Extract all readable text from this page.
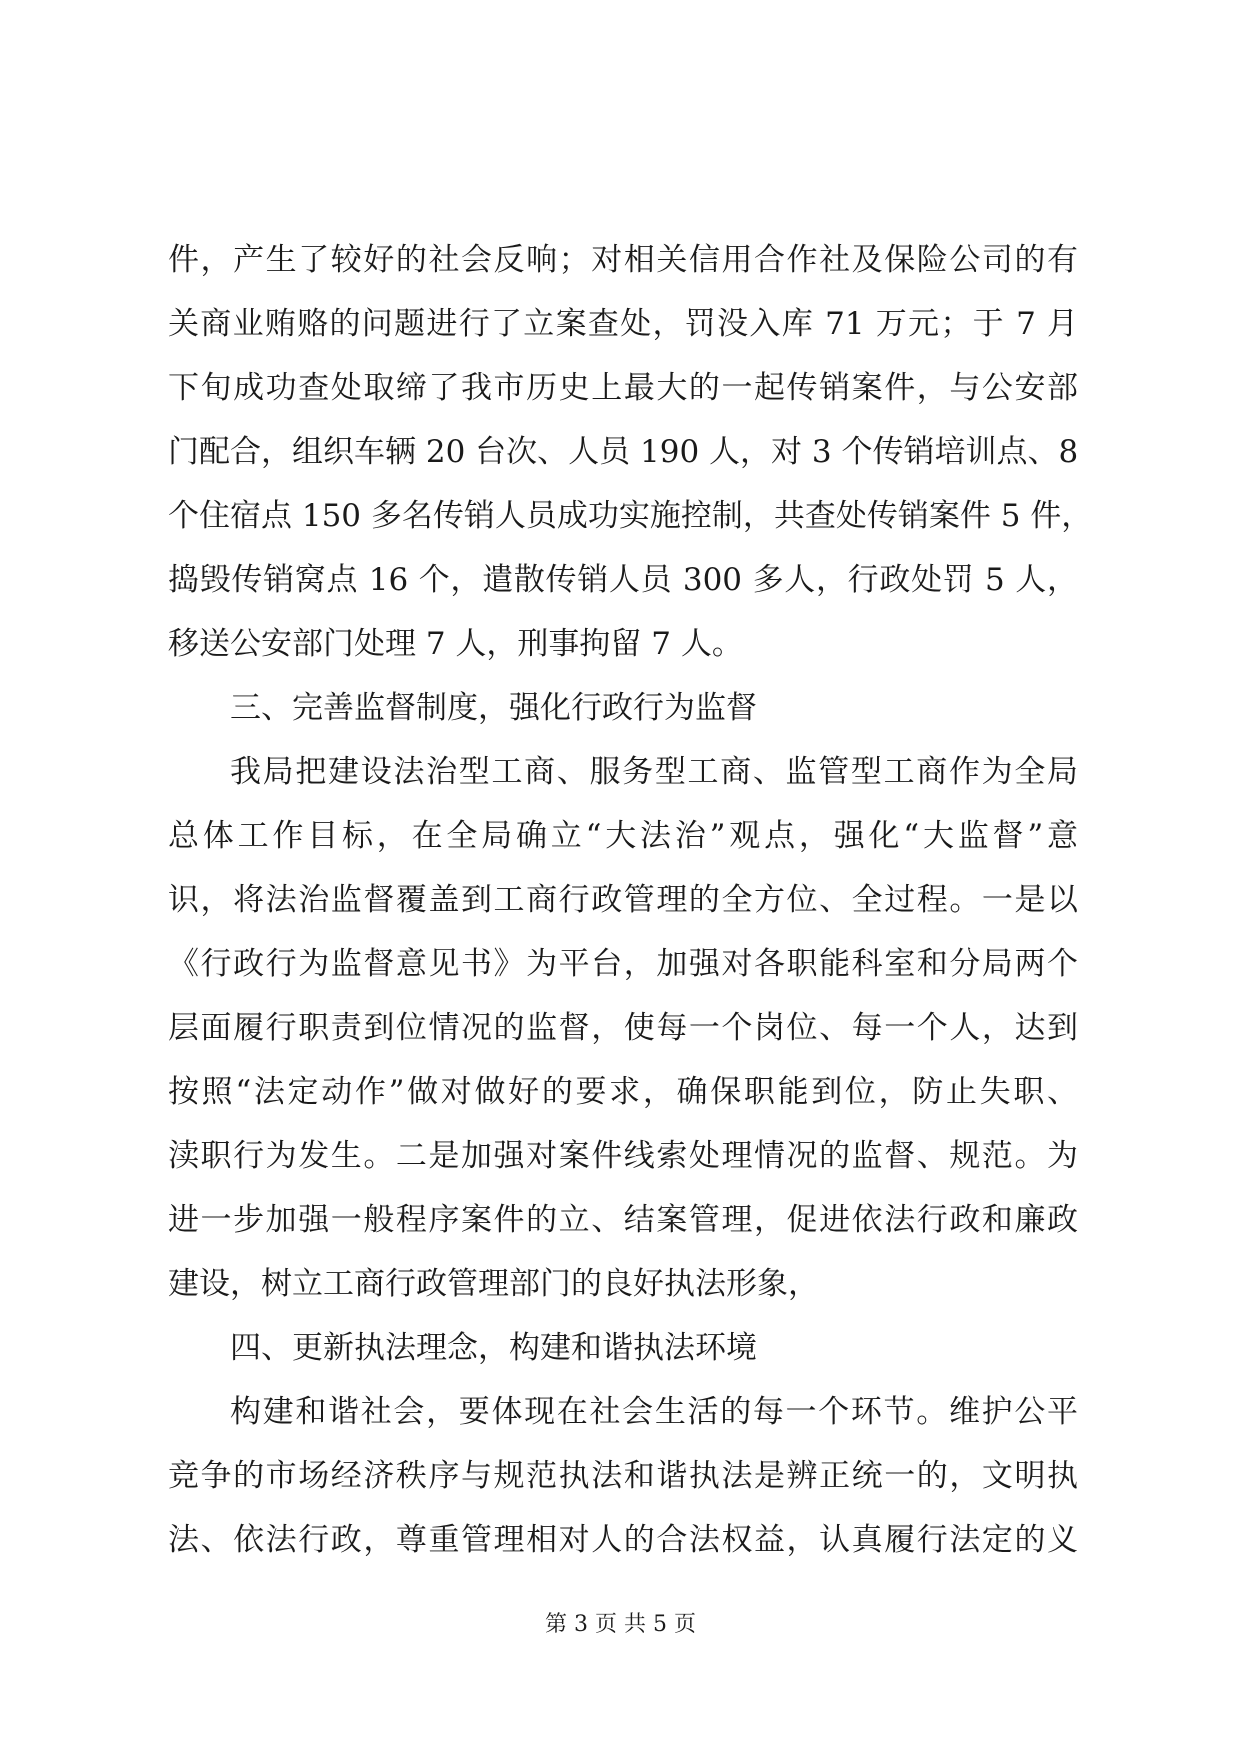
件，产生了较好的社会反响；对相关信用合作社及保险公司的有
关商业贿赂的问题进行了立案查处，罚没入库 71 万元；于 7 月
下旬成功查处取缔了我市历史上最大的一起传销案件，与公安部
门配合，组织车辆 20 台次、人员 190 人，对 3 个传销培训点、8
个住宿点 150 多名传销人员成功实施控制，共查处传销案件 5 件，
捣毁传销窝点 16 个，遣散传销人员 300 多人，行政处罚 5 人，
移送公安部门处理 7 人，刑事拘留 7 人。
三、完善监督制度，强化行政行为监督
我局把建设法治型工商、服务型工商、监管型工商作为全局
总体工作目标，在全局确立“大法治”观点，强化“大监督”意
识，将法治监督覆盖到工商行政管理的全方位、全过程。一是以
《行政行为监督意见书》为平台，加强对各职能科室和分局两个
层面履行职责到位情况的监督，使每一个岗位、每一个人，达到
按照“法定动作”做对做好的要求，确保职能到位，防止失职、
渎职行为发生。二是加强对案件线索处理情况的监督、规范。为
进一步加强一般程序案件的立、结案管理，促进依法行政和廉政
建设，树立工商行政管理部门的良好执法形象，
四、更新执法理念，构建和谐执法环境
构建和谐社会，要体现在社会生活的每一个环节。维护公平
竞争的市场经济秩序与规范执法和谐执法是辨正统一的，文明执
法、依法行政，尊重管理相对人的合法权益，认真履行法定的义
第 3 页 共 5 页
